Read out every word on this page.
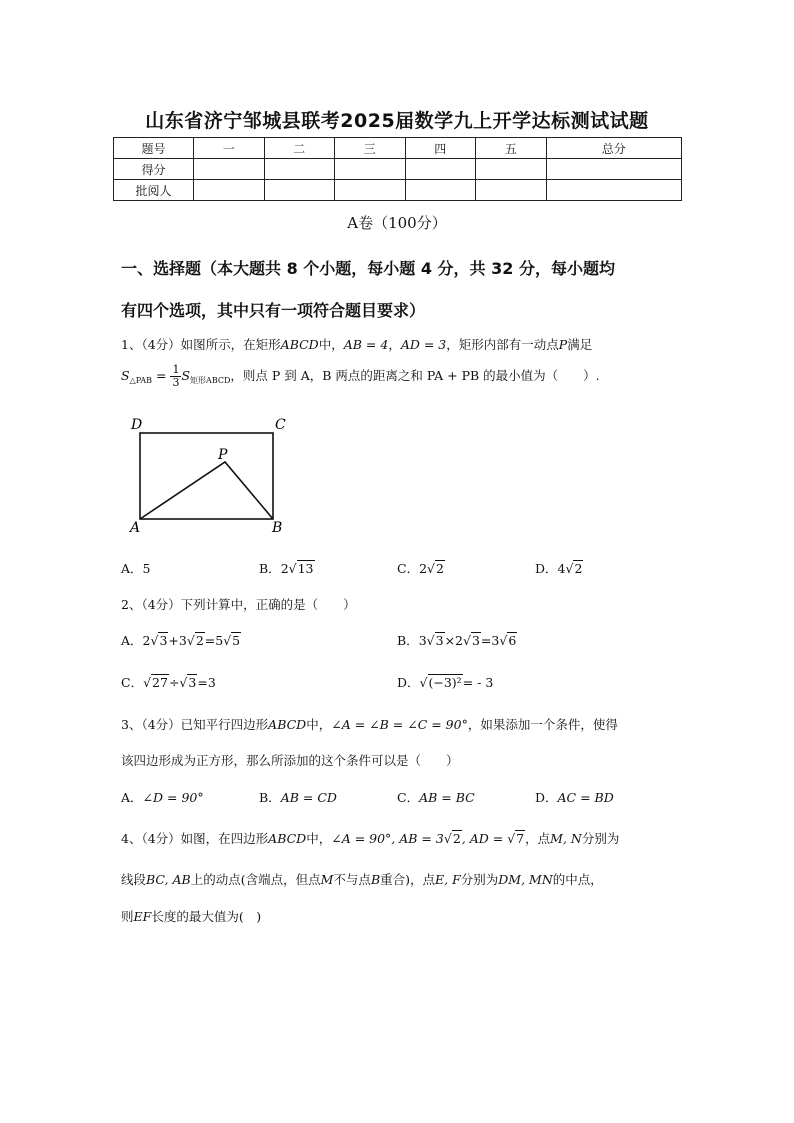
山东省济宁邹城县联考2025届数学九上开学达标测试试题
题号	一	二	三	四	五	总分
得分						
批阅人						
A卷（100分）
一、选择题（本大题共 8 个小题，每小题 4 分，共 32 分，每小题均
有四个选项，其中只有一项符合题目要求）
1、（4分）如图所示，在矩形ABCD中，AB = 4，AD = 3，矩形内部有一动点P满足
$S_{\triangle PAB} = \frac{1}{3} S_{矩形ABCD}$，则点 P 到 A，B 两点的距离之和 PA + PB 的最小值为（　　）.
D	C
P
A	B
A．5	B．2√13	C．2√2	D．4√2
2、（4分）下列计算中，正确的是（　　）
A．2√3+3√2=5√5	B．3√3×2√3=3√6
C．√27÷√3=3	D．√(−3)²= - 3
3、（4分）已知平行四边形ABCD中，∠A = ∠B = ∠C = 90°，如果添加一个条件，使得
该四边形成为正方形，那么所添加的这个条件可以是（　　）
A．∠D = 90°	B．AB = CD	C．AB = BC	D．AC = BD
4、（4分）如图，在四边形ABCD中，∠A = 90°, AB = 3√2, AD = √7，点M, N分别为
线段BC, AB上的动点(含端点，但点M不与点B重合)，点E, F分别为DM, MN的中点，
则EF长度的最大值为(　)
